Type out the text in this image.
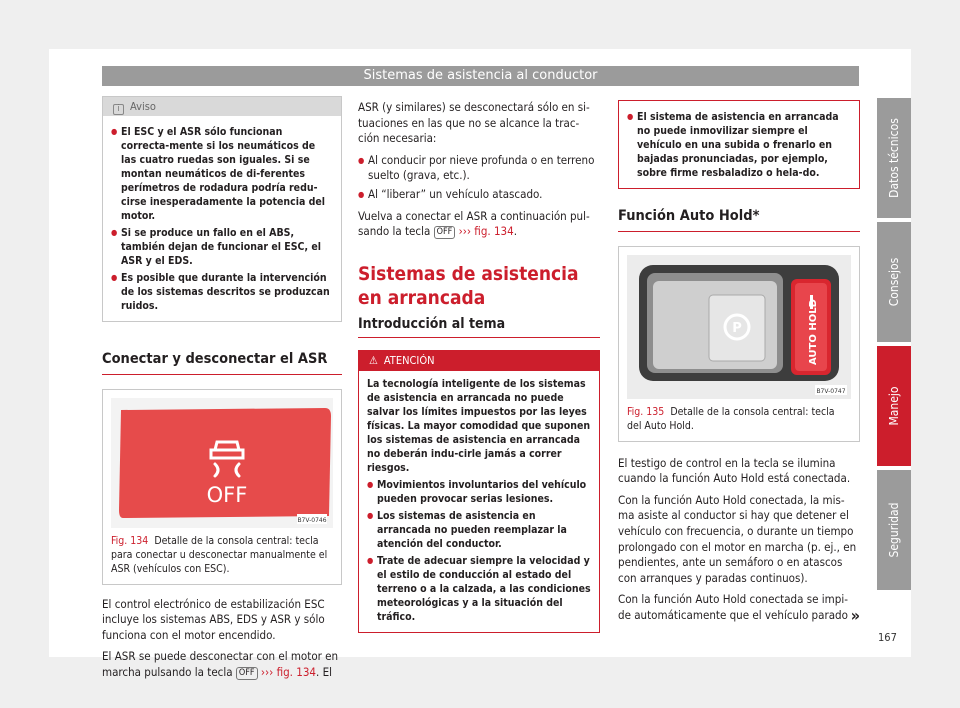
Sistemas de asistencia al conductor
i Aviso
● El ESC y el ASR sólo funcionan correcta-mente si los neumáticos de las cuatro ruedas son iguales. Si se montan neumáticos de di-ferentes perímetros de rodadura podría redu-cirse inesperadamente la potencia del motor.
● Si se produce un fallo en el ABS, también dejan de funcionar el ESC, el ASR y el EDS.
● Es posible que durante la intervención de los sistemas descritos se produzcan ruidos.
Conectar y desconectar el ASR
OFF
B7V-0746
Fig. 134 Detalle de la consola central: tecla para conectar u desconectar manualmente el ASR (vehículos con ESC).
El control electrónico de estabilización ESC incluye los sistemas ABS, EDS y ASR y sólo funciona con el motor encendido.
El ASR se puede desconectar con el motor en marcha pulsando la tecla OFF ››› fig. 134. El
ASR (y similares) se desconectará sólo en si-tuaciones en las que no se alcance la trac-ción necesaria:
● Al conducir por nieve profunda o en terreno suelto (grava, etc.).
● Al “liberar” un vehículo atascado.
Vuelva a conectar el ASR a continuación pul-sando la tecla OFF ››› fig. 134.
Sistemas de asistencia en arrancada
Introducción al tema
⚠ ATENCIÓN
La tecnología inteligente de los sistemas de asistencia en arrancada no puede salvar los límites impuestos por las leyes físicas. La mayor comodidad que suponen los sistemas de asistencia en arrancada no deberán indu-cirle jamás a correr riesgos.
● Movimientos involuntarios del vehículo pueden provocar serias lesiones.
● Los sistemas de asistencia en arrancada no pueden reemplazar la atención del conductor.
● Trate de adecuar siempre la velocidad y el estilo de conducción al estado del terreno o a la calzada, a las condiciones meteorológicas y a la situación del tráfico.
● El sistema de asistencia en arrancada no puede inmovilizar siempre el vehículo en una subida o frenarlo en bajadas pronunciadas, por ejemplo, sobre firme resbaladizo o hela-do.
Función Auto Hold*
P	AUTO HOLD
B7V-0747
Fig. 135 Detalle de la consola central: tecla del Auto Hold.
El testigo de control en la tecla se ilumina cuando la función Auto Hold está conectada.
Con la función Auto Hold conectada, la mis-ma asiste al conductor si hay que detener el vehículo con frecuencia, o durante un tiempo prolongado con el motor en marcha (p. ej., en pendientes, ante un semáforo o en atascos con arranques y paradas continuos).
Con la función Auto Hold conectada se impi-de automáticamente que el vehículo parado »
Datos técnicos
Consejos
Manejo
Seguridad
167
